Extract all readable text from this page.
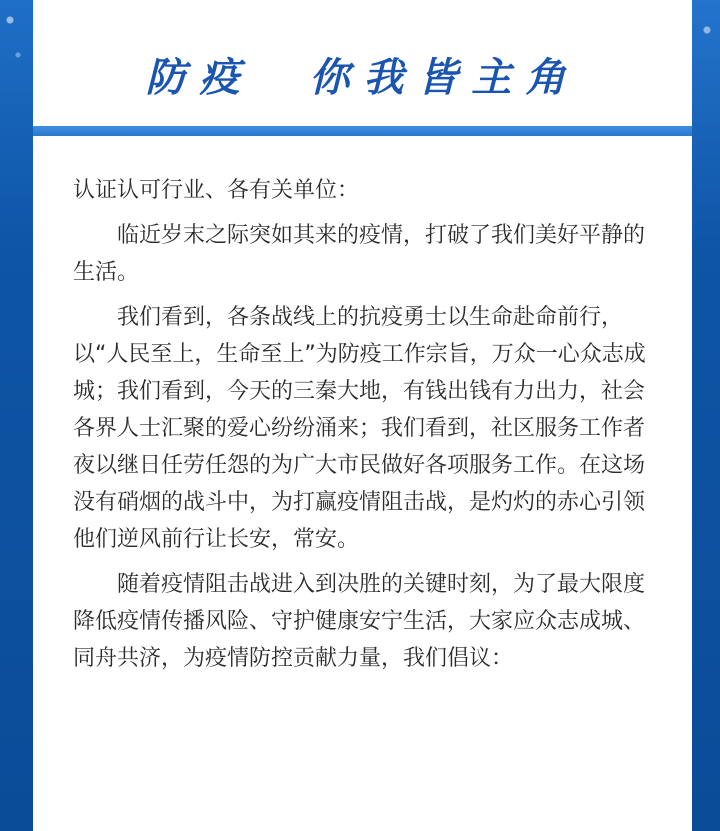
防疫  你我皆主角

认证认可行业、各有关单位：

临近岁末之际突如其来的疫情，打破了我们美好平静的生活。

我们看到，各条战线上的抗疫勇士以生命赴命前行，以“人民至上，生命至上”为防疫工作宗旨，万众一心众志成城；我们看到，今天的三秦大地，有钱出钱有力出力，社会各界人士汇聚的爱心纷纷涌来；我们看到，社区服务工作者夜以继日任劳任怨的为广大市民做好各项服务工作。在这场没有硝烟的战斗中，为打赢疫情阻击战，是灼灼的赤心引领他们逆风前行让长安，常安。

随着疫情阻击战进入到决胜的关键时刻，为了最大限度降低疫情传播风险、守护健康安宁生活，大家应众志成城、同舟共济，为疫情防控贡献力量，我们倡议：
